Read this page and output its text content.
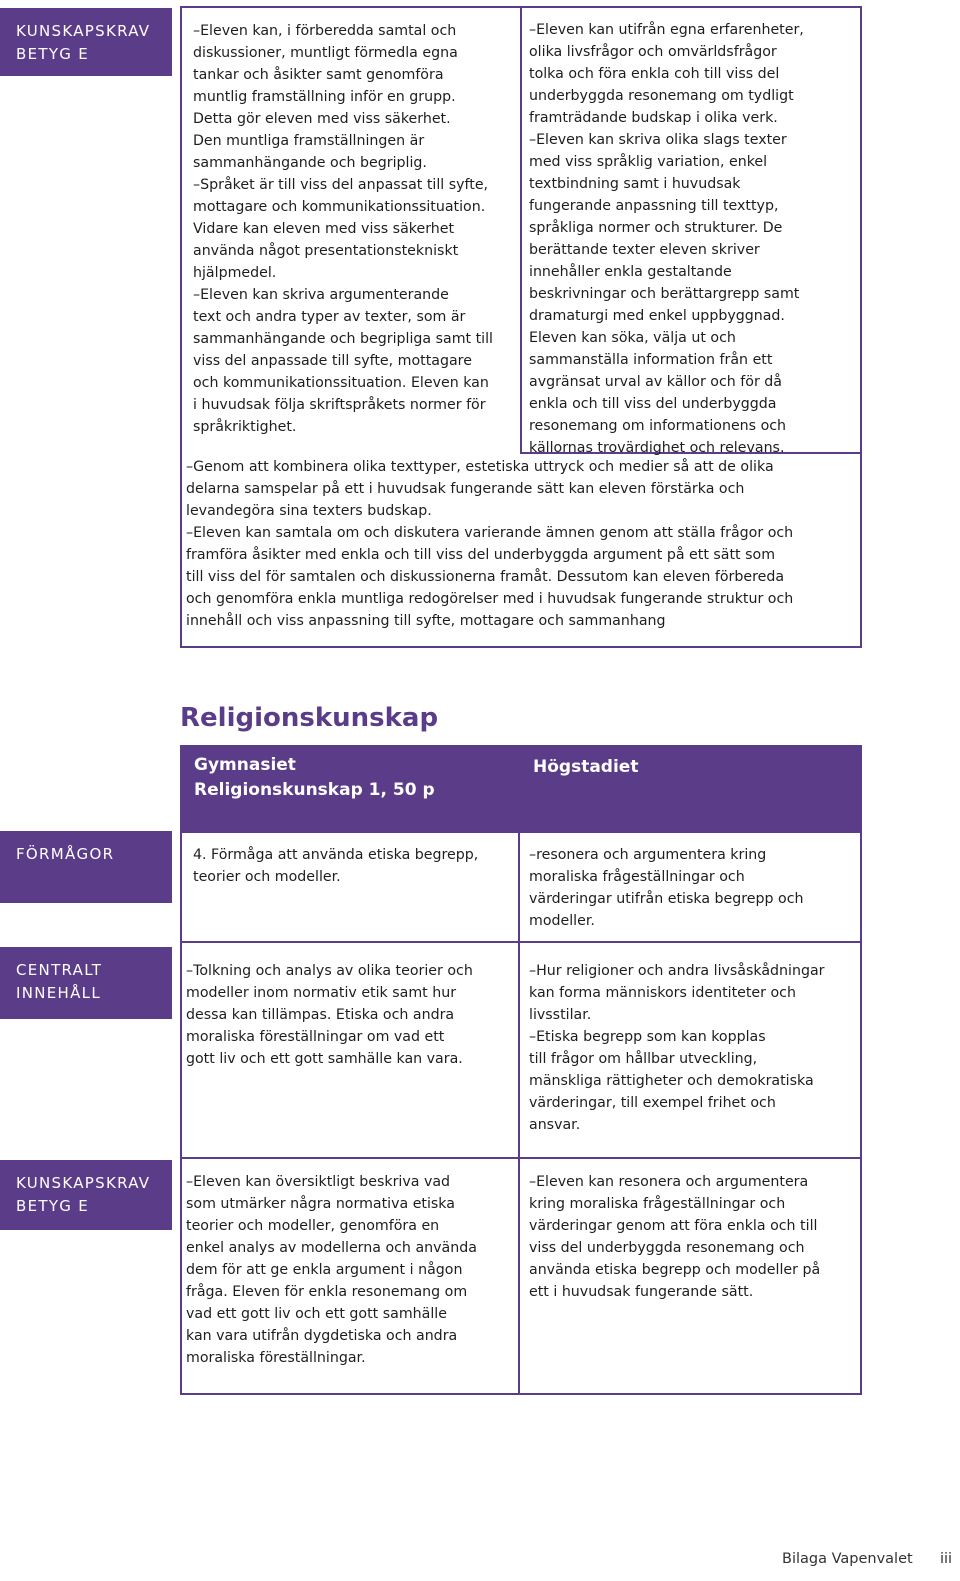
KUNSKAPSKRAV
BETYG E
–Eleven kan, i förberedda samtal och
diskussioner, muntligt förmedla egna
tankar och åsikter samt genomföra
muntlig framställning inför en grupp.
Detta gör eleven med viss säkerhet.
Den muntliga framställningen är
sammanhängande och begriplig.
–Språket är till viss del anpassat till syfte,
mottagare och kommunikationssituation.
Vidare kan eleven med viss säkerhet
använda något presentationstekniskt
hjälpmedel.
–Eleven kan skriva argumenterande
text och andra typer av texter, som är
sammanhängande och begripliga samt till
viss del anpassade till syfte, mottagare
och kommunikationssituation. Eleven kan
i huvudsak följa skriftspråkets normer för
språkriktighet.
–Eleven kan utifrån egna erfarenheter,
olika livsfrågor och omvärldsfrågor
tolka och föra enkla coh till viss del
underbyggda resonemang om tydligt
framträdande budskap i olika verk.
–Eleven kan skriva olika slags texter
med viss språklig variation, enkel
textbindning samt i huvudsak
fungerande anpassning till texttyp,
språkliga normer och strukturer. De
berättande texter eleven skriver
innehåller enkla gestaltande
beskrivningar och berättargrepp samt
dramaturgi med enkel uppbyggnad.
Eleven kan söka, välja ut och
sammanställa information från ett
avgränsat urval av källor och för då
enkla och till viss del underbyggda
resonemang om informationens och
källornas trovärdighet och relevans.
–Genom att kombinera olika texttyper, estetiska uttryck och medier så att de olika
delarna samspelar på ett i huvudsak fungerande sätt kan eleven förstärka och
levandegöra sina texters budskap.
–Eleven kan samtala om och diskutera varierande ämnen genom att ställa frågor och
framföra åsikter med enkla och till viss del underbyggda argument på ett sätt som
till viss del för samtalen och diskussionerna framåt. Dessutom kan eleven förbereda
och genomföra enkla muntliga redogörelser med i huvudsak fungerande struktur och
innehåll och viss anpassning till syfte, mottagare och sammanhang
Religionskunskap
Gymnasiet
Religionskunskap 1, 50 p
Högstadiet
FÖRMÅGOR	4. Förmåga att använda etiska begrepp,
teorier och modeller.
–resonera och argumentera kring
moraliska frågeställningar och
värderingar utifrån etiska begrepp och
modeller.
CENTRALT
INNEHÅLL
–Tolkning och analys av olika teorier och
modeller inom normativ etik samt hur
dessa kan tillämpas. Etiska och andra
moraliska föreställningar om vad ett
gott liv och ett gott samhälle kan vara.
–Hur religioner och andra livsåskådningar
kan forma människors identiteter och
livsstilar.
–Etiska begrepp som kan kopplas
till frågor om hållbar utveckling,
mänskliga rättigheter och demokratiska
värderingar, till exempel frihet och
ansvar.
KUNSKAPSKRAV
BETYG E
–Eleven kan översiktligt beskriva vad
som utmärker några normativa etiska
teorier och modeller, genomföra en
enkel analys av modellerna och använda
dem för att ge enkla argument i någon
fråga. Eleven för enkla resonemang om
vad ett gott liv och ett gott samhälle
kan vara utifrån dygdetiska och andra
moraliska föreställningar.
–Eleven kan resonera och argumentera
kring moraliska frågeställningar och
värderingar genom att föra enkla och till
viss del underbyggda resonemang och
använda etiska begrepp och modeller på
ett i huvudsak fungerande sätt.
Bilaga Vapenvalet iii
